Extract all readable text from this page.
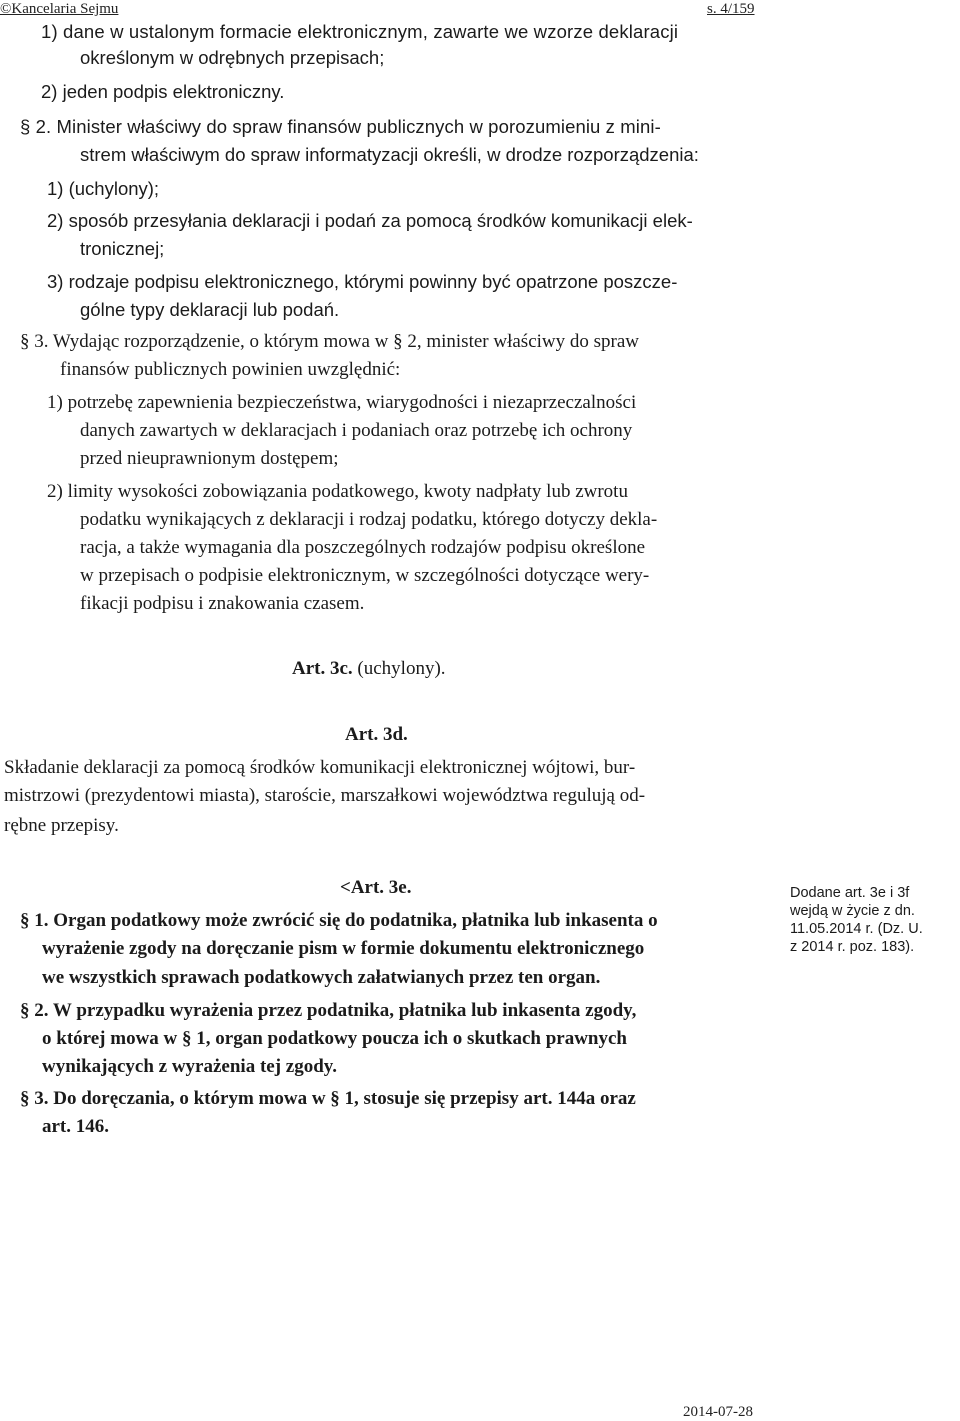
©Kancelaria Sejmu	s. 4/159
1) dane w ustalonym formacie elektronicznym, zawarte we wzorze deklaracji
określonym w odrębnych przepisach;
2) jeden podpis elektroniczny.
§ 2. Minister właściwy do spraw finansów publicznych w porozumieniu z mini-
strem właściwym do spraw informatyzacji określi, w drodze rozporządzenia:
1) (uchylony);
2) sposób przesyłania deklaracji i podań za pomocą środków komunikacji elek-
tronicznej;
3) rodzaje podpisu elektronicznego, którymi powinny być opatrzone poszcze-
gólne typy deklaracji lub podań.
§ 3. Wydając rozporządzenie, o którym mowa w § 2, minister właściwy do spraw
finansów publicznych powinien uwzględnić:
1) potrzebę zapewnienia bezpieczeństwa, wiarygodności i niezaprzeczalności
danych zawartych w deklaracjach i podaniach oraz potrzebę ich ochrony
przed nieuprawnionym dostępem;
2) limity wysokości zobowiązania podatkowego, kwoty nadpłaty lub zwrotu
podatku wynikających z deklaracji i rodzaj podatku, którego dotyczy dekla-
racja, a także wymagania dla poszczególnych rodzajów podpisu określone
w przepisach o podpisie elektronicznym, w szczególności dotyczące wery-
fikacji podpisu i znakowania czasem.
Art. 3c. (uchylony).
Art. 3d.
Składanie deklaracji za pomocą środków komunikacji elektronicznej wójtowi, bur-
mistrzowi (prezydentowi miasta), staroście, marszałkowi województwa regulują od-
rębne przepisy.
<Art. 3e.
§ 1. Organ podatkowy może zwrócić się do podatnika, płatnika lub inkasenta o
wyrażenie zgody na doręczanie pism w formie dokumentu elektronicznego
we wszystkich sprawach podatkowych załatwianych przez ten organ.
§ 2. W przypadku wyrażenia przez podatnika, płatnika lub inkasenta zgody,
o której mowa w § 1, organ podatkowy poucza ich o skutkach prawnych
wynikających z wyrażenia tej zgody.
§ 3. Do doręczania, o którym mowa w § 1, stosuje się przepisy art. 144a oraz
art. 146.
Dodane art. 3e i 3f
wejdą w życie z dn.
11.05.2014 r. (Dz. U.
z 2014 r. poz. 183).
2014-07-28
